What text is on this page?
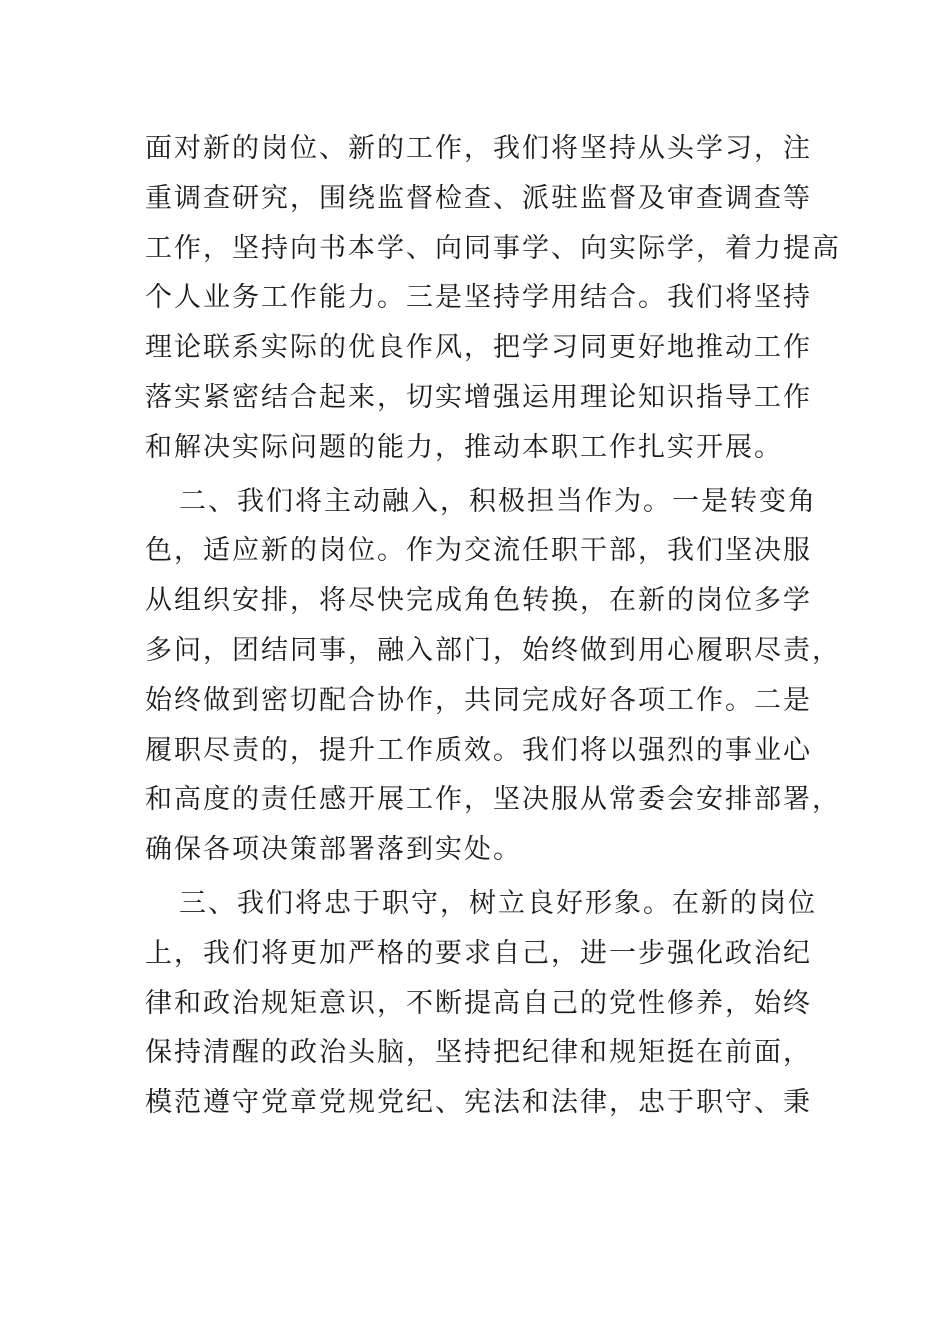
面对新的岗位、新的工作，我们将坚持从头学习，注
重调查研究，围绕监督检查、派驻监督及审查调查等
工作，坚持向书本学、向同事学、向实际学，着力提高
个人业务工作能力。三是坚持学用结合。我们将坚持
理论联系实际的优良作风，把学习同更好地推动工作
落实紧密结合起来，切实增强运用理论知识指导工作
和解决实际问题的能力，推动本职工作扎实开展。
二、我们将主动融入，积极担当作为。一是转变角
色，适应新的岗位。作为交流任职干部，我们坚决服
从组织安排，将尽快完成角色转换，在新的岗位多学
多问，团结同事，融入部门，始终做到用心履职尽责，
始终做到密切配合协作，共同完成好各项工作。二是
履职尽责的，提升工作质效。我们将以强烈的事业心
和高度的责任感开展工作，坚决服从常委会安排部署，
确保各项决策部署落到实处。
三、我们将忠于职守，树立良好形象。在新的岗位
上，我们将更加严格的要求自己，进一步强化政治纪
律和政治规矩意识，不断提高自己的党性修养，始终
保持清醒的政治头脑，坚持把纪律和规矩挺在前面，
模范遵守党章党规党纪、宪法和法律，忠于职守、秉
